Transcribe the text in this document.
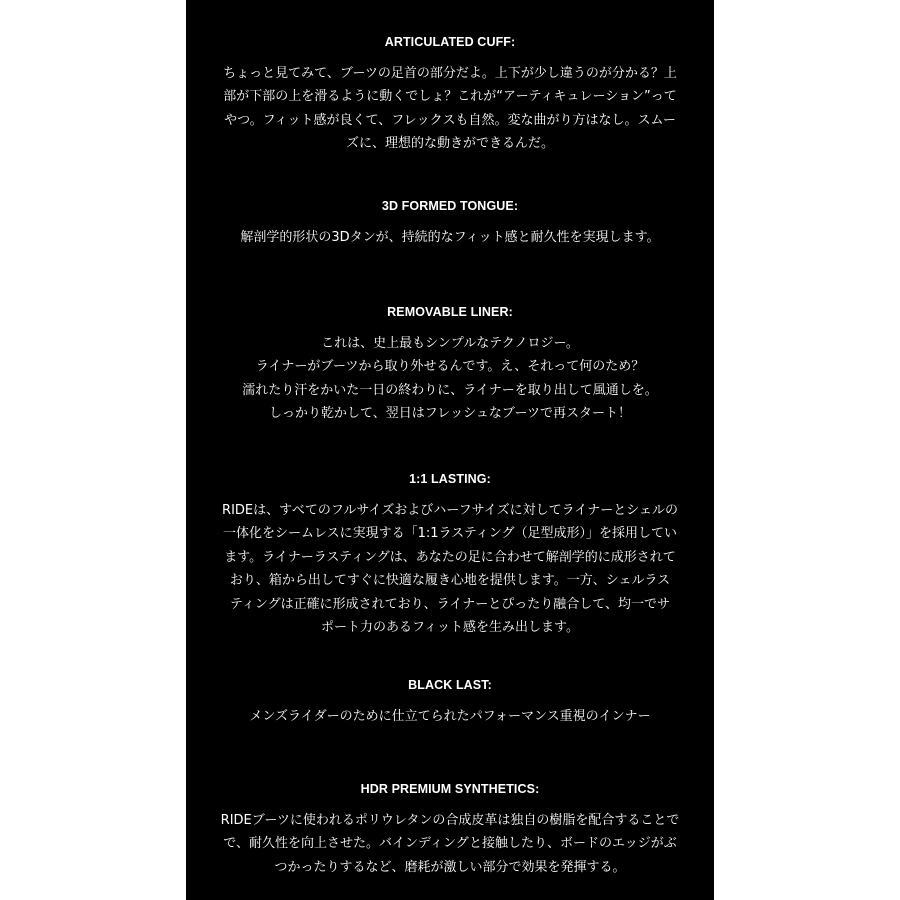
ARTICULATED CUFF:

ちょっと見てみて、ブーツの足首の部分だよ。上下が少し違うのが分かる？上
部が下部の上を滑るように動くでしょ？これが“アーティキュレーション”って
やつ。フィット感が良くて、フレックスも自然。変な曲がり方はなし。スムー
ズに、理想的な動きができるんだ。

3D FORMED TONGUE:

解剖学的形状の3Dタンが、持続的なフィット感と耐久性を実現します。

REMOVABLE LINER:

これは、史上最もシンプルなテクノロジー。
ライナーがブーツから取り外せるんです。え、それって何のため？
濡れたり汗をかいた一日の終わりに、ライナーを取り出して風通しを。
しっかり乾かして、翌日はフレッシュなブーツで再スタート！

1:1 LASTING:

RIDEは、すべてのフルサイズおよびハーフサイズに対してライナーとシェルの
一体化をシームレスに実現する「1:1ラスティング（足型成形）」を採用してい
ます。ライナーラスティングは、あなたの足に合わせて解剖学的に成形されて
おり、箱から出してすぐに快適な履き心地を提供します。一方、シェルラス
ティングは正確に形成されており、ライナーとぴったり融合して、均一でサ
ポート力のあるフィット感を生み出します。

BLACK LAST:

メンズライダーのために仕立てられたパフォーマンス重視のインナー

HDR PREMIUM SYNTHETICS:

RIDEブーツに使われるポリウレタンの合成皮革は独自の樹脂を配合することで
で、耐久性を向上させた。バインディングと接触したり、ボードのエッジがぶ
つかったりするなど、磨耗が激しい部分で効果を発揮する。
